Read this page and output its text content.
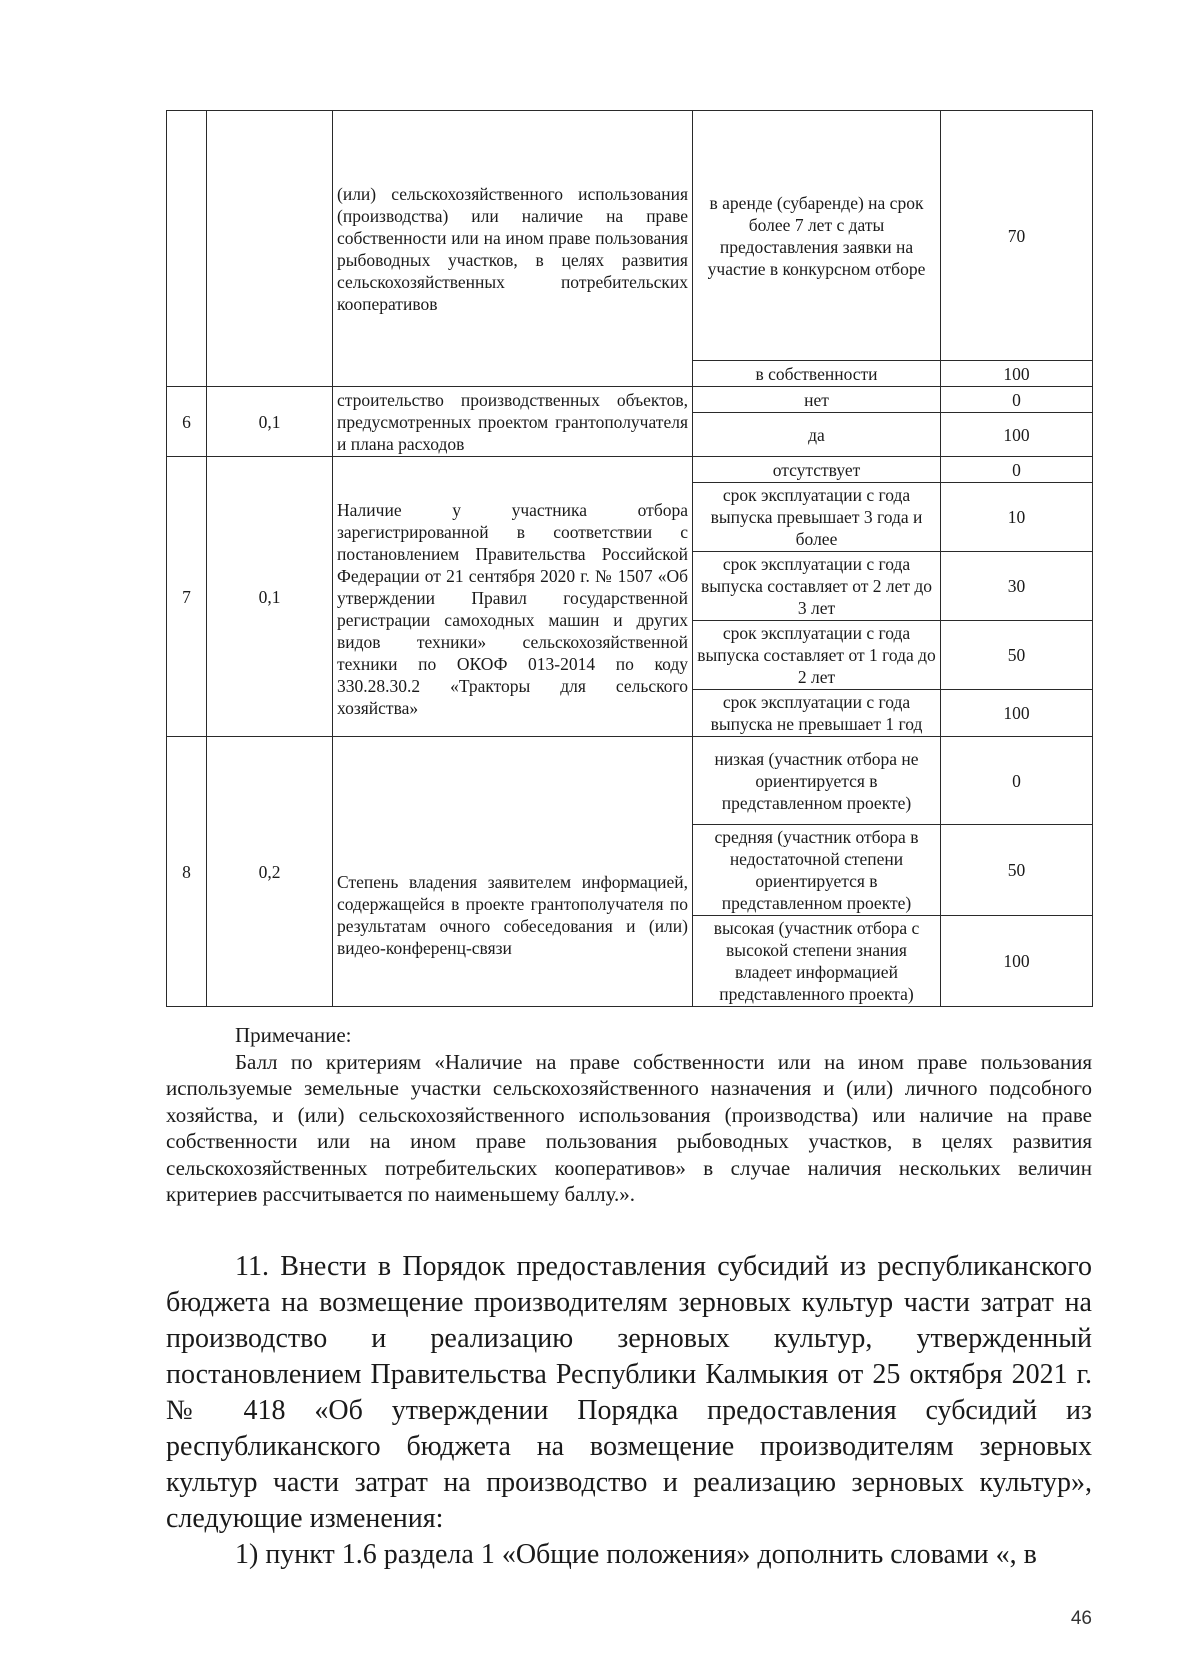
		(или) сельскохозяйственного использования (производства) или наличие на праве собственности или на ином праве пользования рыбоводных участков, в целях развития сельскохозяйственных потребительских кооперативов	в аренде (субаренде) на срок более 7 лет с даты предоставления заявки на участие в конкурсном отборе	70
			в собственности	100
6	0,1	строительство производственных объектов, предусмотренных проектом грантополучателя и плана расходов	нет	0
			да	100
7	0,1	Наличие у участника отбора зарегистрированной в соответствии с постановлением Правительства Российской Федерации от 21 сентября 2020 г. № 1507 «Об утверждении Правил государственной регистрации самоходных машин и других видов техники» сельскохозяйственной техники по ОКОФ 013-2014 по коду 330.28.30.2 «Тракторы для сельского хозяйства»	отсутствует	0
			срок эксплуатации с года выпуска превышает 3 года и более	10
			срок эксплуатации с года выпуска составляет от 2 лет до 3 лет	30
			срок эксплуатации с года выпуска составляет от 1 года до 2 лет	50
			срок эксплуатации с года выпуска не превышает 1 год	100
8	0,2	Степень владения заявителем информацией, содержащейся в проекте грантополучателя по результатам очного собеседования и (или) видео-конференц-связи	низкая (участник отбора не ориентируется в представленном проекте)	0
			средняя (участник отбора в недостаточной степени ориентируется в представленном проекте)	50
			высокая (участник отбора с высокой степени знания владеет информацией представленного проекта)	100
Примечание:
Балл по критериям «Наличие на праве собственности или на ином праве пользования используемые земельные участки сельскохозяйственного назначения и (или) личного подсобного хозяйства, и (или) сельскохозяйственного использования (производства) или наличие на праве собственности или на ином праве пользования рыбоводных участков, в целях развития сельскохозяйственных потребительских кооперативов» в случае наличия нескольких величин критериев рассчитывается по наименьшему баллу.».

11. Внести в Порядок предоставления субсидий из республиканского бюджета на возмещение производителям зерновых культур части затрат на производство и реализацию зерновых культур, утвержденный постановлением Правительства Республики Калмыкия от 25 октября 2021 г. № 418 «Об утверждении Порядка предоставления субсидий из республиканского бюджета на возмещение производителям зерновых культур части затрат на производство и реализацию зерновых культур», следующие изменения:

1) пункт 1.6 раздела 1 «Общие положения» дополнить словами «, в

46
